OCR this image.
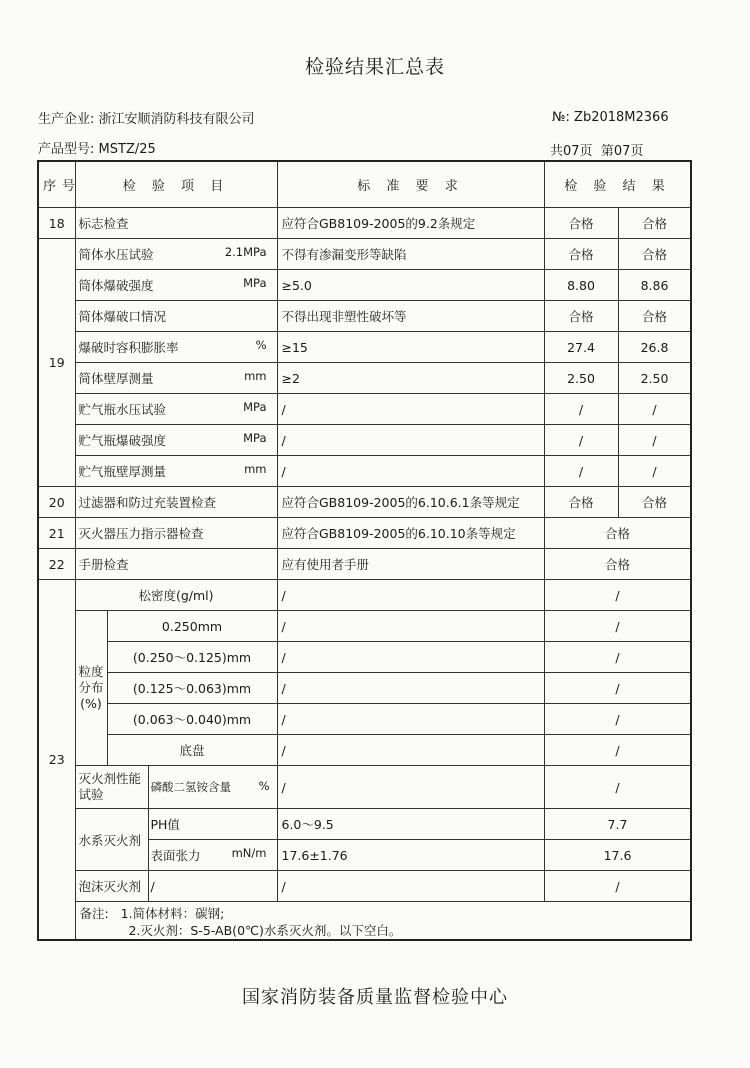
检验结果汇总表
生产企业: 浙江安顺消防科技有限公司	№: Zb2018M2366
产品型号: MSTZ/25	共07页 第07页
序号	检 验 项 目			标 准 要 求	检 验 结 果	
18	标志检查			应符合GB8109-2005的9.2条规定	合格	合格
19	简体水压试验 2.1MPa			不得有渗漏变形等缺陷	合格	合格
	筒体爆破强度 MPa			≥5.0	8.80	8.86
	简体爆破口情况			不得出现非塑性破坏等	合格	合格
	爆破时容积膨胀率 %			≥15	27.4	26.8
	简体壁厚测量 mm			≥2	2.50	2.50
	贮气瓶水压试验 MPa			/	/	/
	贮气瓶爆破强度 MPa			/	/	/
	贮气瓶壁厚测量 mm			/	/	/
20	过滤器和防过充装置检查			应符合GB8109-2005的6.10.6.1条等规定	合格	合格
21	灭火器压力指示器检查			应符合GB8109-2005的6.10.10条等规定	合格	
22	手册检查			应有使用者手册	合格	
23	松密度(g/ml)			/	/	
	粒度分布(%)	0.250mm		/	/	
		(0.250～0.125)mm		/	/	
		(0.125～0.063)mm		/	/	
		(0.063～0.040)mm		/	/	
		底盘		/	/	
	灭火剂性能试验		磷酸二氢铵含量 %	/	/	
	水系灭火剂		PH值	6.0～9.5	7.7	
			表面张力 mN/m	17.6±1.76	17.6	
	泡沫灭火剂		/	/	/	

	备注: 1.简体材料：碳钢;
2.灭火剂：S-5-AB(0℃)水系灭火剂。以下空白。					
国家消防装备质量监督检验中心
